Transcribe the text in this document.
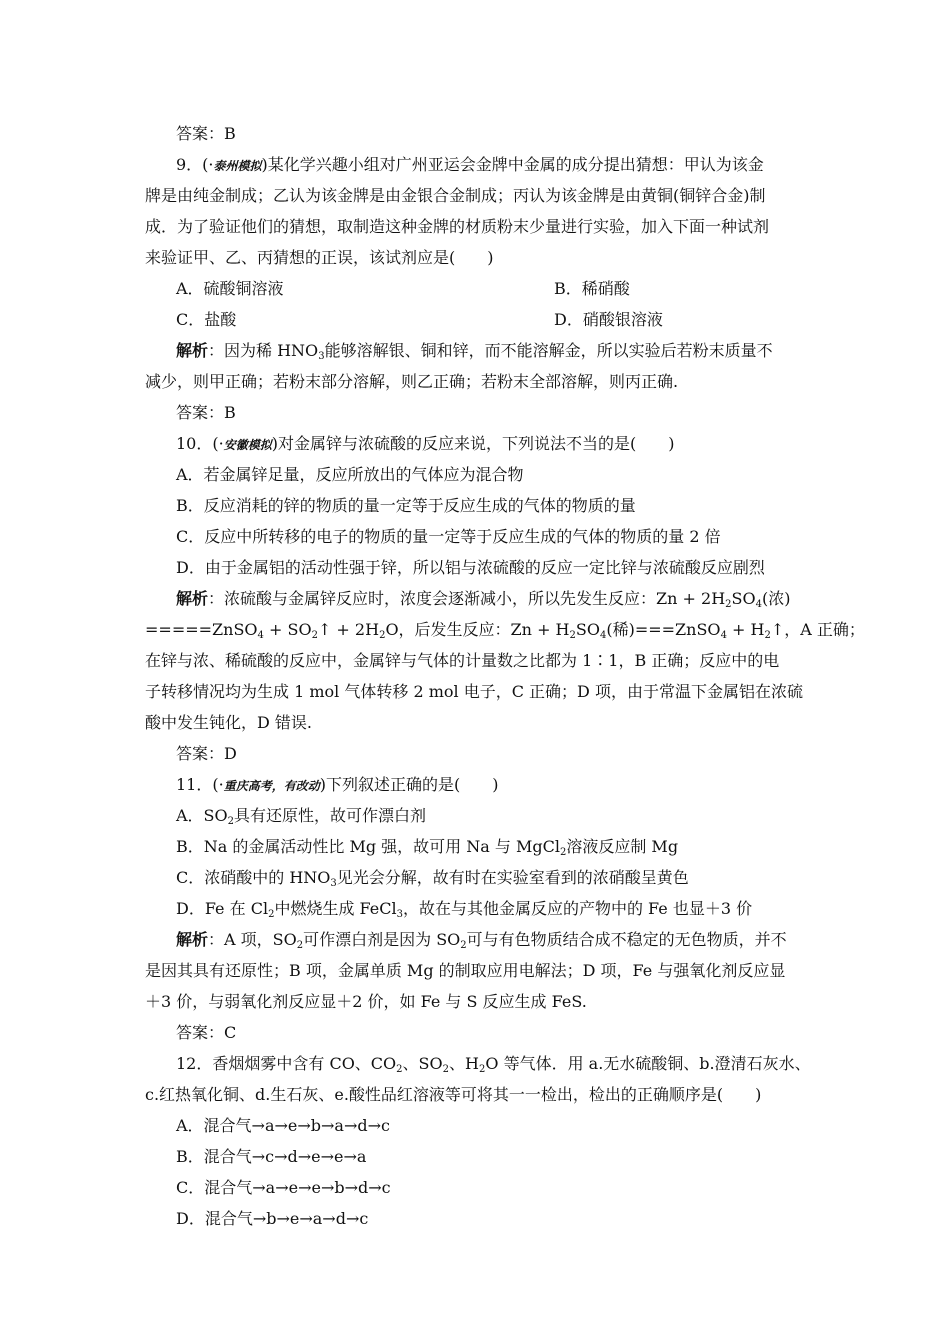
答案：B
9．(·泰州模拟)某化学兴趣小组对广州亚运会金牌中金属的成分提出猜想：甲认为该金
牌是由纯金制成；乙认为该金牌是由金银合金制成；丙认为该金牌是由黄铜(铜锌合金)制
成．为了验证他们的猜想，取制造这种金牌的材质粉末少量进行实验，加入下面一种试剂
来验证甲、乙、丙猜想的正误，该试剂应是(　　)
A．硫酸铜溶液	B．稀硝酸
C．盐酸	D．硝酸银溶液
解析：因为稀 $HNO_3$能够溶解银、铜和锌，而不能溶解金，所以实验后若粉末质量不
减少，则甲正确；若粉末部分溶解，则乙正确；若粉末全部溶解，则丙正确.
答案：B
10．(·安徽模拟)对金属锌与浓硫酸的反应来说，下列说法不当的是(　　)
A．若金属锌足量，反应所放出的气体应为混合物
B．反应消耗的锌的物质的量一定等于反应生成的气体的物质的量
C．反应中所转移的电子的物质的量一定等于反应生成的气体的物质的量 2 倍
D．由于金属铝的活动性强于锌，所以铝与浓硫酸的反应一定比锌与浓硫酸反应剧烈
解析：浓硫酸与金属锌反应时，浓度会逐渐减小，所以先发生反应：$Zn + 2H_2SO_4$(浓)
=====ZnSO$_4$ + $SO_2↑ + 2H_2O$，后发生反应：$Zn + H_2SO_4$(稀)===ZnSO$_4$ + $H_2↑$，A 正确；
在锌与浓、稀硫酸的反应中，金属锌与气体的计量数之比都为 1∶1，B 正确；反应中的电
子转移情况均为生成 1 mol 气体转移 2 mol 电子，C 正确；D 项，由于常温下金属铝在浓硫
酸中发生钝化，D 错误.
答案：D
11．(·重庆高考，有改动)下列叙述正确的是(　　)
A．$SO_2$具有还原性，故可作漂白剂
B．Na 的金属活动性比 Mg 强，故可用 Na 与 MgCl$_2$溶液反应制 Mg
C．浓硝酸中的 $HNO_3$见光会分解，故有时在实验室看到的浓硝酸呈黄色
D．Fe 在 $Cl_2$中燃烧生成 FeCl$_3$，故在与其他金属反应的产物中的 Fe 也显＋3 价
解析：A 项，$SO_2$可作漂白剂是因为 $SO_2$可与有色物质结合成不稳定的无色物质，并不
是因其具有还原性；B 项，金属单质 Mg 的制取应用电解法；D 项，Fe 与强氧化剂反应显
＋3 价，与弱氧化剂反应显＋2 价，如 Fe 与 S 反应生成 FeS.
答案：C
12．香烟烟雾中含有 CO、$CO_2$、$SO_2$、$H_2O$ 等气体．用 a.无水硫酸铜、b.澄清石灰水、
c.红热氧化铜、d.生石灰、e.酸性品红溶液等可将其一一检出，检出的正确顺序是(　　)
A．混合气→a→e→b→a→d→c
B．混合气→c→d→e→e→a
C．混合气→a→e→e→b→d→c
D．混合气→b→e→a→d→c
